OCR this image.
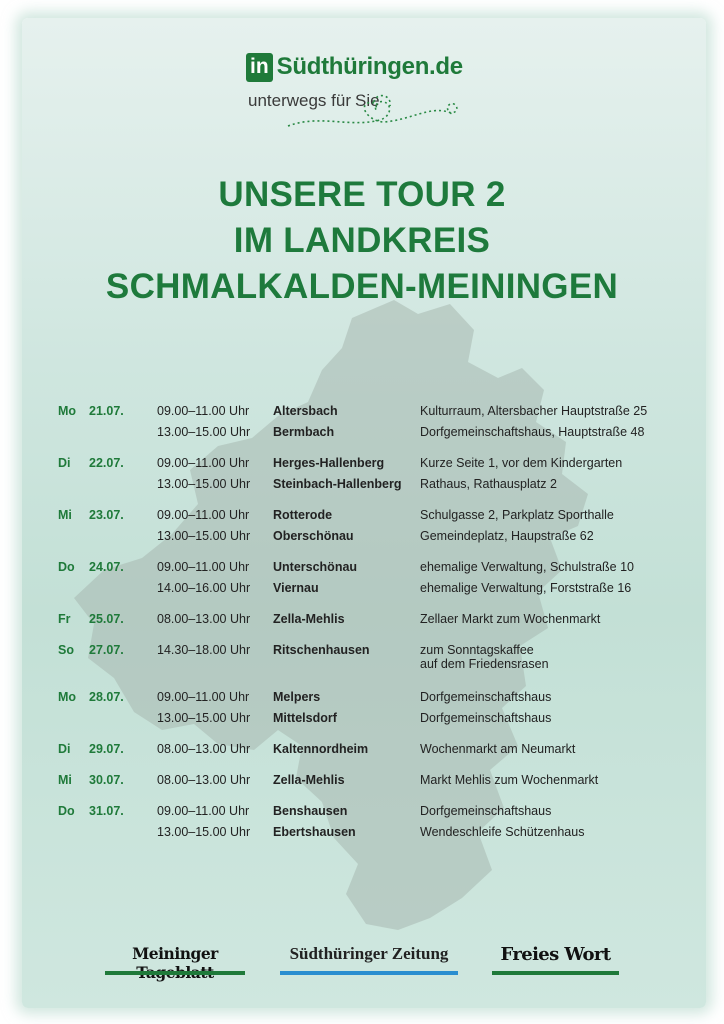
in Südthüringen.de
unterwegs für Sie
UNSERE TOUR 2
IM LANDKREIS
SCHMALKALDEN-MEININGEN
Mo	21.07.	09.00–11.00 Uhr	Altersbach	Kulturraum, Altersbacher Hauptstraße 25
13.00–15.00 Uhr	Bermbach	Dorfgemeinschaftshaus, Hauptstraße 48
Di	22.07.	09.00–11.00 Uhr	Herges-Hallenberg	Kurze Seite 1, vor dem Kindergarten
13.00–15.00 Uhr	Steinbach-Hallenberg	Rathaus, Rathausplatz 2
Mi	23.07.	09.00–11.00 Uhr	Rotterode	Schulgasse 2, Parkplatz Sporthalle
13.00–15.00 Uhr	Oberschönau	Gemeindeplatz, Haupstraße 62
Do	24.07.	09.00–11.00 Uhr	Unterschönau	ehemalige Verwaltung, Schulstraße 10
14.00–16.00 Uhr	Viernau	ehemalige Verwaltung, Forststraße 16
Fr	25.07.	08.00–13.00 Uhr	Zella-Mehlis	Zellaer Markt zum Wochenmarkt
So	27.07.	14.30–18.00 Uhr	Ritschenhausen	zum Sonntagskaffee
auf dem Friedensrasen
Mo	28.07.	09.00–11.00 Uhr	Melpers	Dorfgemeinschaftshaus
13.00–15.00 Uhr	Mittelsdorf	Dorfgemeinschaftshaus
Di	29.07.	08.00–13.00 Uhr	Kaltennordheim	Wochenmarkt am Neumarkt
Mi	30.07.	08.00–13.00 Uhr	Zella-Mehlis	Markt Mehlis zum Wochenmarkt
Do	31.07.	09.00–11.00 Uhr	Benshausen	Dorfgemeinschaftshaus
13.00–15.00 Uhr	Ebertshausen	Wendeschleife Schützenhaus
Meininger	Südthüringer Zeitung	Freies Wort
